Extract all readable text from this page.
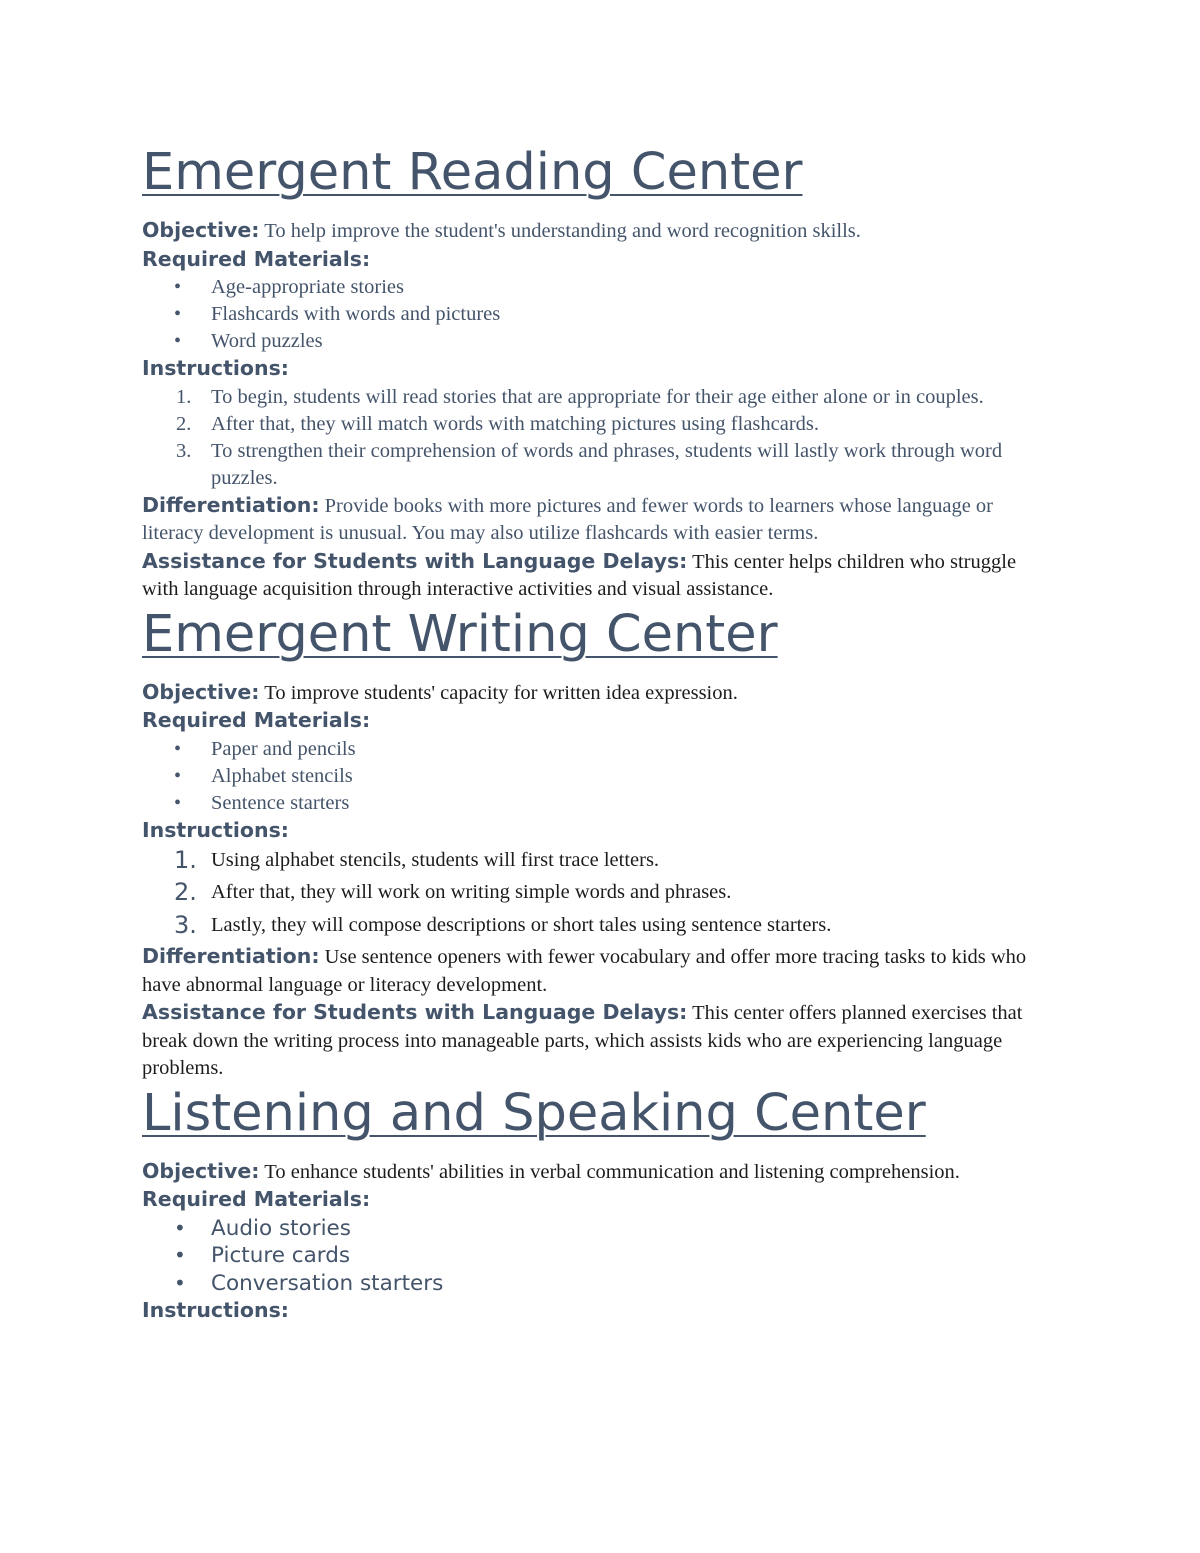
Emergent Reading Center

Objective: To help improve the student's understanding and word recognition skills.

Required Materials:

•	Age-appropriate stories
•	Flashcards with words and pictures
•	Word puzzles

Instructions:

1. To begin, students will read stories that are appropriate for their age either alone or in couples.
2. After that, they will match words with matching pictures using flashcards.
3. To strengthen their comprehension of words and phrases, students will lastly work through word puzzles.

Differentiation: Provide books with more pictures and fewer words to learners whose language or literacy development is unusual. You may also utilize flashcards with easier terms.

Assistance for Students with Language Delays: This center helps children who struggle with language acquisition through interactive activities and visual assistance.

Emergent Writing Center

Objective: To improve students' capacity for written idea expression.

Required Materials:

•	Paper and pencils
•	Alphabet stencils
•	Sentence starters

Instructions:

1. Using alphabet stencils, students will first trace letters.
2. After that, they will work on writing simple words and phrases.
3. Lastly, they will compose descriptions or short tales using sentence starters.

Differentiation: Use sentence openers with fewer vocabulary and offer more tracing tasks to kids who have abnormal language or literacy development.

Assistance for Students with Language Delays: This center offers planned exercises that break down the writing process into manageable parts, which assists kids who are experiencing language problems.

Listening and Speaking Center

Objective: To enhance students' abilities in verbal communication and listening comprehension.

Required Materials:

•	Audio stories
•	Picture cards
•	Conversation starters

Instructions:
